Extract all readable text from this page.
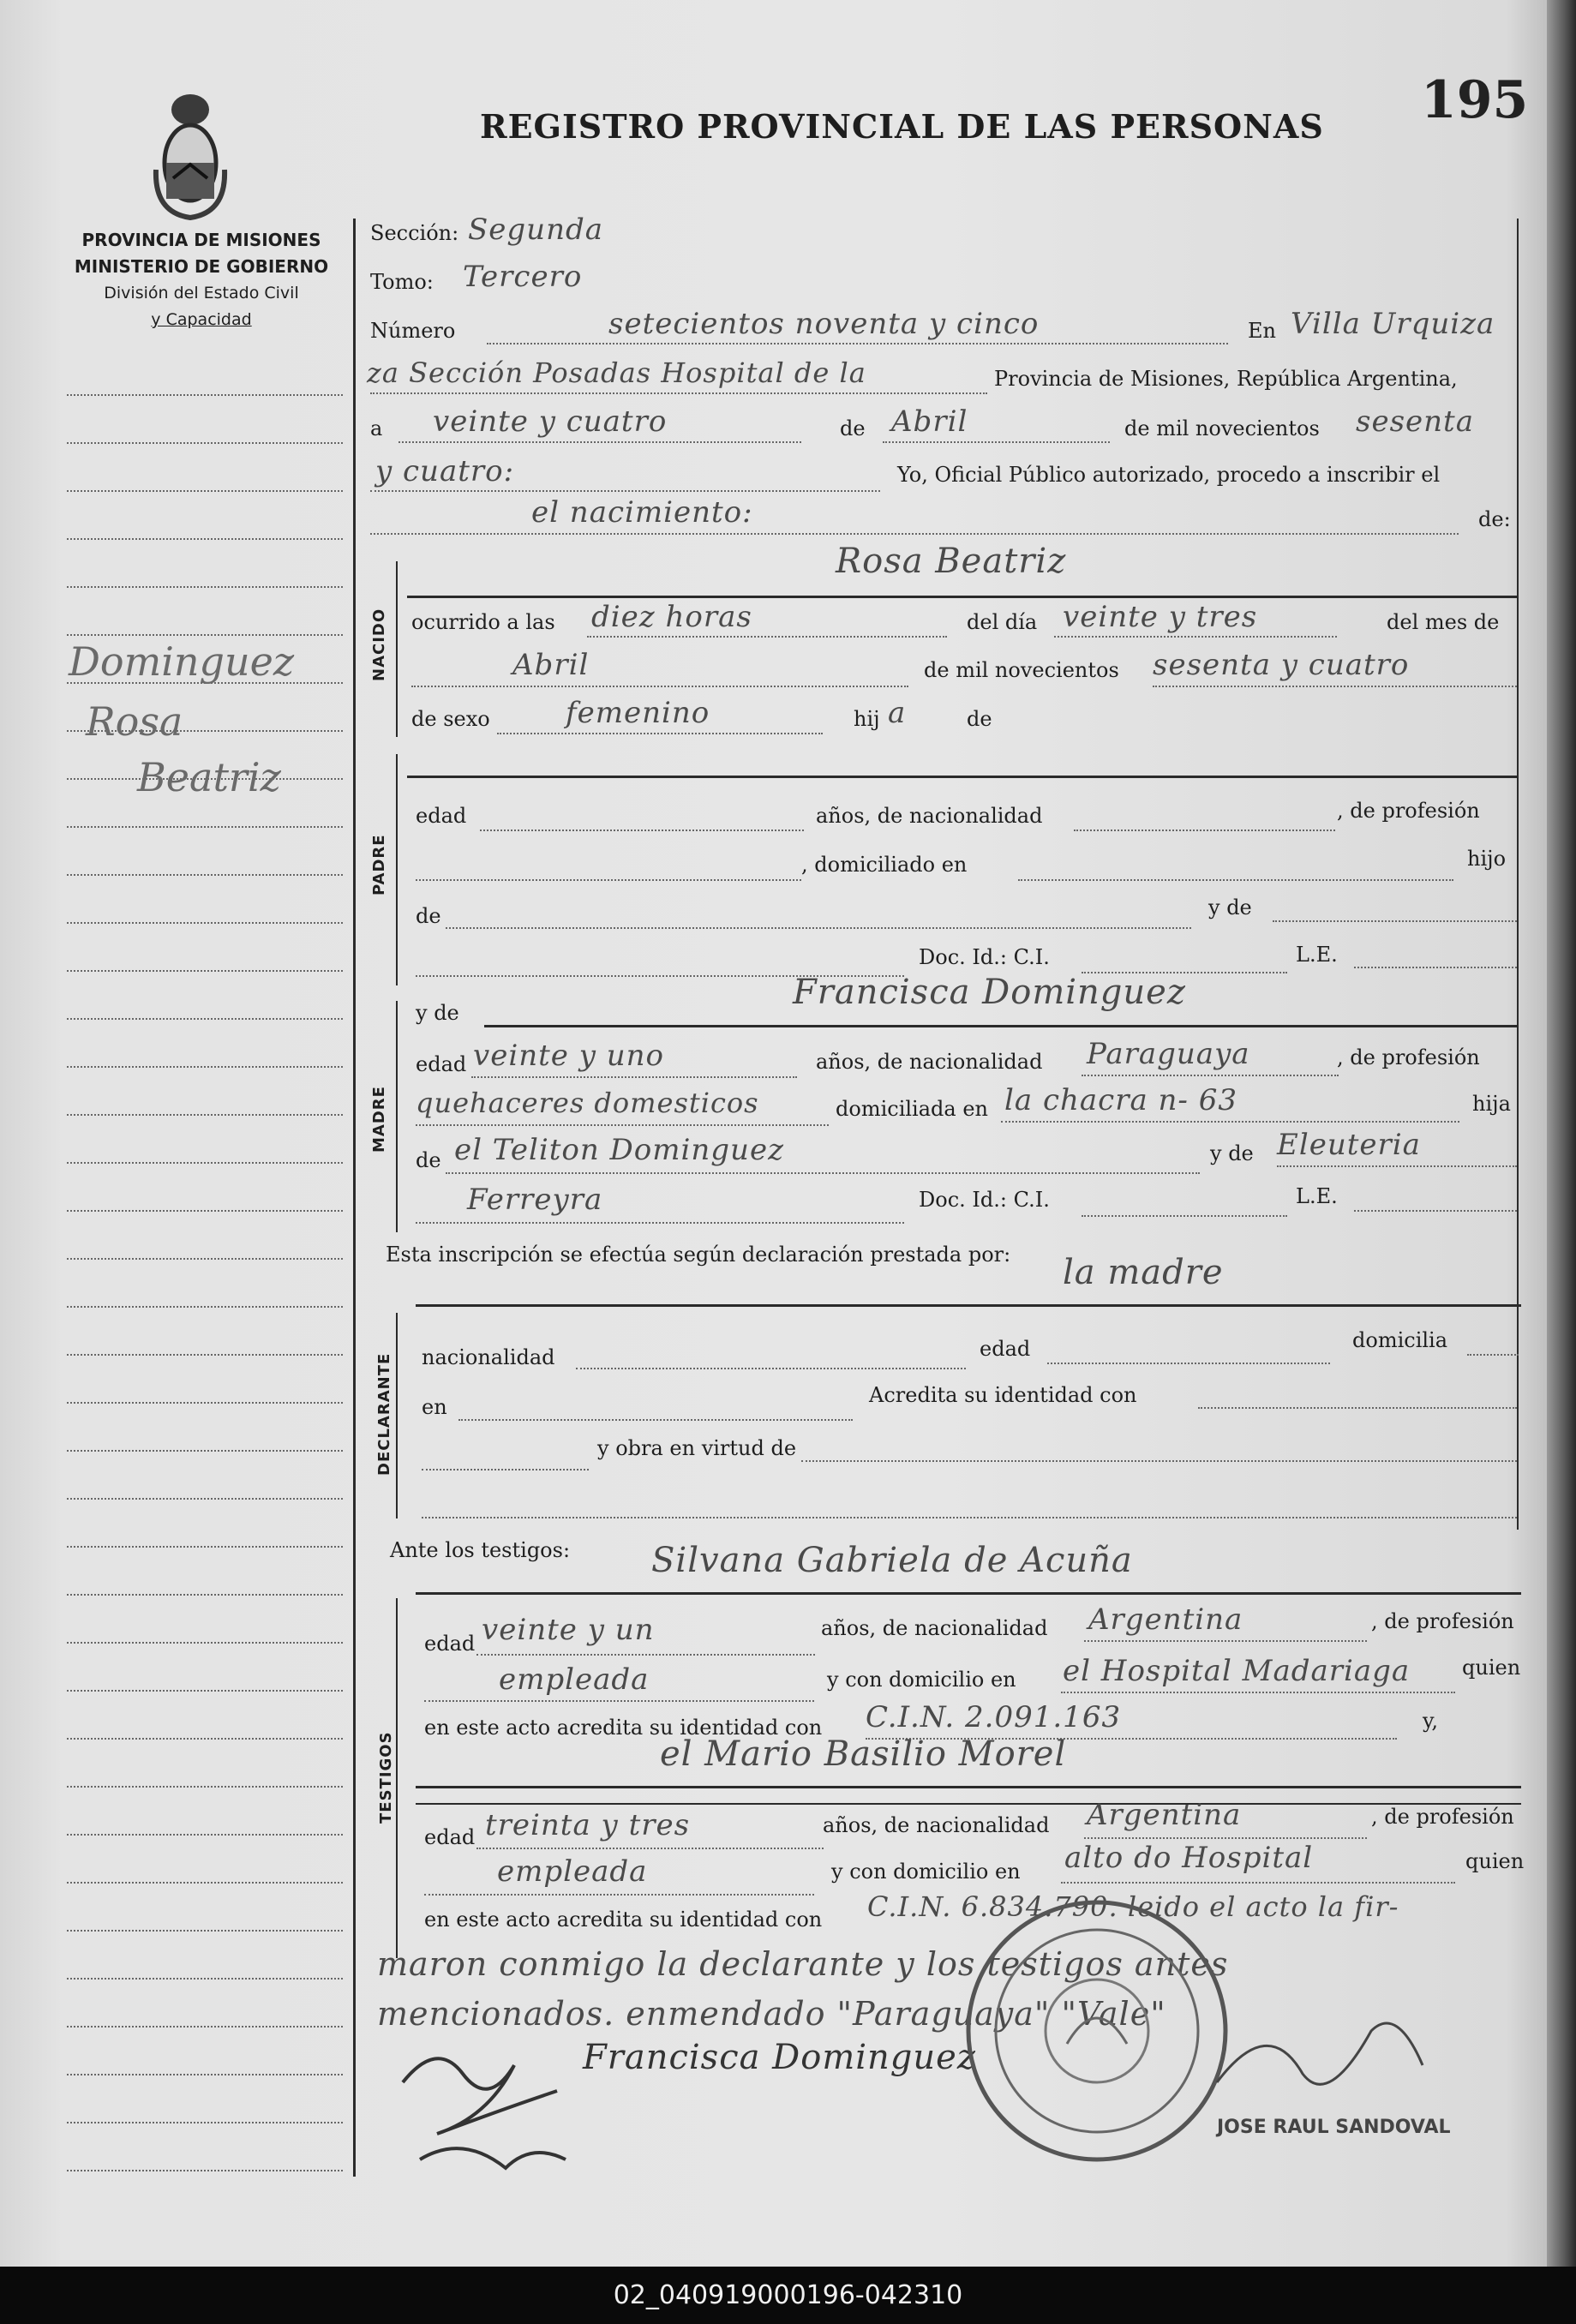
REGISTRO PROVINCIAL DE LAS PERSONAS 195
PROVINCIA DE MISIONES
MINISTERIO DE GOBIERNO
División del Estado Civil
y Capacidad
Dominguez
Rosa
Beatriz
Sección: Segunda
Tomo: Tercero
Número	setecientos noventa y cinco	En Villa Urquiza
za Sección Posadas Hospital de la	Provincia de Misiones, República Argentina,
a veinte y cuatro	de Abril	de mil novecientos sesenta
y cuatro:	Yo, Oficial Público autorizado, procedo a inscribir el
el nacimiento:	de:
NACIDO
Rosa Beatriz
ocurrido a las diez horas	del día veinte y tres	del mes de
Abril	de mil novecientos sesenta y cuatro
de sexo	femenino	hij a	de
PADRE
edad	años, de nacionalidad	, de profesión
, domiciliado en	hijo
de	y de
Doc. Id.: C.I.	L.E.
MADRE
y de
Francisca Dominguez
edad veinte y uno	años, de nacionalidad Paraguaya	, de profesión
quehaceres domesticos	domiciliada en la chacra n- 63	hija
de el Teliton Dominguez	y de Eleuteria
Ferreyra	Doc. Id.: C.I.	L.E.
Esta inscripción se efectúa según declaración prestada por: la madre
DECLARANTE nacionalidad	edad	domicilia
en	Acredita su identidad con
y obra en virtud de
Ante los testigos: Silvana Gabriela de Acuña
TESTIGOS
edad veinte y un	años, de nacionalidad Argentina	, de profesión
empleada	y con domicilio en el Hospital Madariaga	quien
en este acto acredita su identidad con C.I.N. 2.091.163	y,
el Mario Basilio Morel
edad treinta y tres	años, de nacionalidad Argentina	, de profesión
empleada	y con domicilio en alto do Hospital	quien
en este acto acredita su identidad con C.I.N. 6.834.790. leido el acto la fir-
maron conmigo la declarante y los testigos antes
mencionados. enmendado "Paraguaya" "Vale"
Francisca Dominguez
JOSE RAUL SANDOVAL
02_040919000196-042310
